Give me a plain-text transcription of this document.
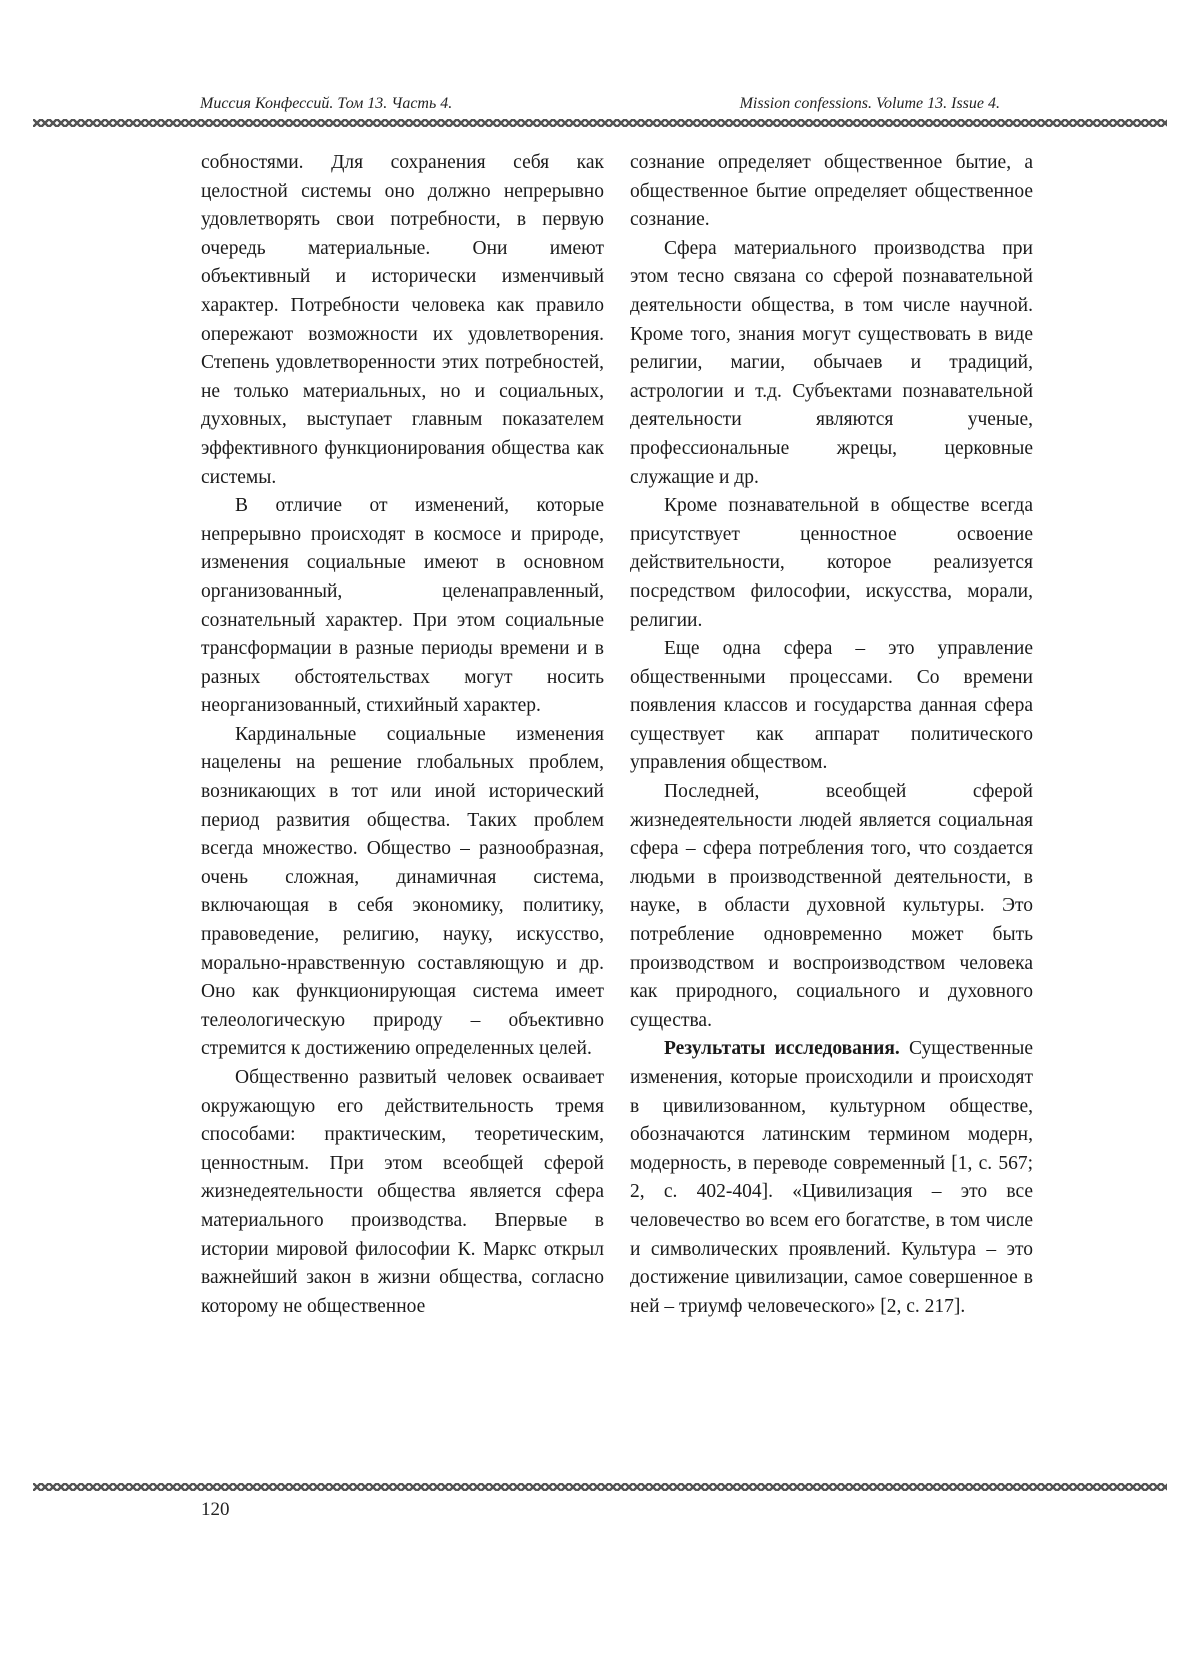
Миссия Конфессий. Том 13. Часть 4.	Mission confessions. Volume 13. Issue 4.

собностями. Для сохранения себя как целостной системы оно должно непрерывно удовлетворять свои потребности, в первую очередь материальные. Они имеют объективный и исторически изменчивый характер. Потребности человека как правило опережают возможности их удовлетворения. Степень удовлетворенности этих потребностей, не только материальных, но и социальных, духовных, выступает главным показателем эффективного функционирования общества как системы.

В отличие от изменений, которые непрерывно происходят в космосе и природе, изменения социальные имеют в основном организованный, целенаправленный, сознательный характер. При этом социальные трансформации в разные периоды времени и в разных обстоятельствах могут носить неорганизованный, стихийный характер.

Кардинальные социальные изменения нацелены на решение глобальных проблем, возникающих в тот или иной исторический период развития общества. Таких проблем всегда множество. Общество – разнообразная, очень сложная, динамичная система, включающая в себя экономику, политику, правоведение, религию, науку, искусство, морально-нравственную составляющую и др. Оно как функционирующая система имеет телеологическую природу – объективно стремится к достижению определенных целей.

Общественно развитый человек осваивает окружающую его действительность тремя способами: практическим, теоретическим, ценностным. При этом всеобщей сферой жизнедеятельности общества является сфера материального производства. Впервые в истории мировой философии К. Маркс открыл важнейший закон в жизни общества, согласно которому не общественное

сознание определяет общественное бытие, а общественное бытие определяет общественное сознание.

Сфера материального производства при этом тесно связана со сферой познавательной деятельности общества, в том числе научной. Кроме того, знания могут существовать в виде религии, магии, обычаев и традиций, астрологии и т.д. Субъектами познавательной деятельности являются ученые, профессиональные жрецы, церковные служащие и др.

Кроме познавательной в обществе всегда присутствует ценностное освоение действительности, которое реализуется посредством философии, искусства, морали, религии.

Еще одна сфера – это управление общественными процессами. Со времени появления классов и государства данная сфера существует как аппарат политического управления обществом.

Последней, всеобщей сферой жизнедеятельности людей является социальная сфера – сфера потребления того, что создается людьми в производственной деятельности, в науке, в области духовной культуры. Это потребление одновременно может быть производством и воспроизводством человека как природного, социального и духовного существа.

Результаты исследования. Существенные изменения, которые происходили и происходят в цивилизованном, культурном обществе, обозначаются латинским термином модерн, модерность, в переводе современный [1, с. 567; 2, с. 402-404]. «Цивилизация – это все человечество во всем его богатстве, в том числе и символических проявлений. Культура – это достижение цивилизации, самое совершенное в ней – триумф человеческого» [2, с. 217].

120
